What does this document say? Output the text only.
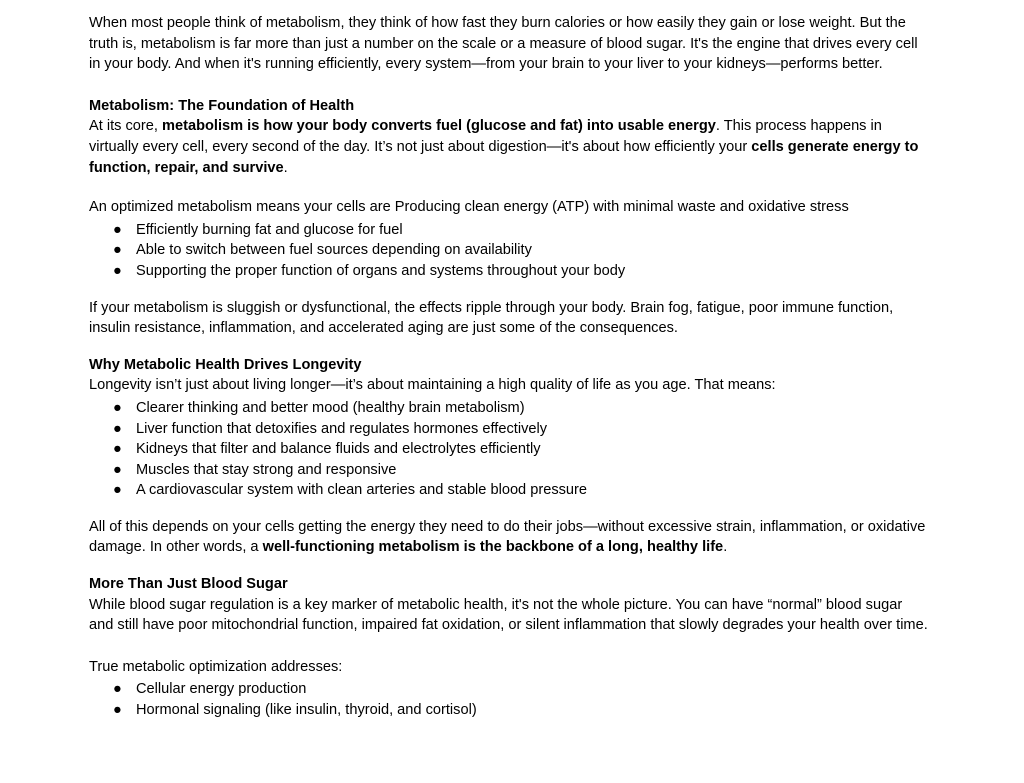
When most people think of metabolism, they think of how fast they burn calories or how easily they gain or lose weight. But the truth is, metabolism is far more than just a number on the scale or a measure of blood sugar. It's the engine that drives every cell in your body. And when it's running efficiently, every system—from your brain to your liver to your kidneys—performs better.

Metabolism: The Foundation of Health

At its core, metabolism is how your body converts fuel (glucose and fat) into usable energy. This process happens in virtually every cell, every second of the day. It’s not just about digestion—it's about how efficiently your cells generate energy to function, repair, and survive.

An optimized metabolism means your cells are Producing clean energy (ATP) with minimal waste and oxidative stress

● Efficiently burning fat and glucose for fuel
● Able to switch between fuel sources depending on availability
● Supporting the proper function of organs and systems throughout your body

If your metabolism is sluggish or dysfunctional, the effects ripple through your body. Brain fog, fatigue, poor immune function, insulin resistance, inflammation, and accelerated aging are just some of the consequences.

Why Metabolic Health Drives Longevity

Longevity isn’t just about living longer—it’s about maintaining a high quality of life as you age. That means:

● Clearer thinking and better mood (healthy brain metabolism)
● Liver function that detoxifies and regulates hormones effectively
● Kidneys that filter and balance fluids and electrolytes efficiently
● Muscles that stay strong and responsive
● A cardiovascular system with clean arteries and stable blood pressure

All of this depends on your cells getting the energy they need to do their jobs—without excessive strain, inflammation, or oxidative damage. In other words, a well-functioning metabolism is the backbone of a long, healthy life.

More Than Just Blood Sugar

While blood sugar regulation is a key marker of metabolic health, it's not the whole picture. You can have “normal” blood sugar and still have poor mitochondrial function, impaired fat oxidation, or silent inflammation that slowly degrades your health over time.

True metabolic optimization addresses:

● Cellular energy production
● Hormonal signaling (like insulin, thyroid, and cortisol)
